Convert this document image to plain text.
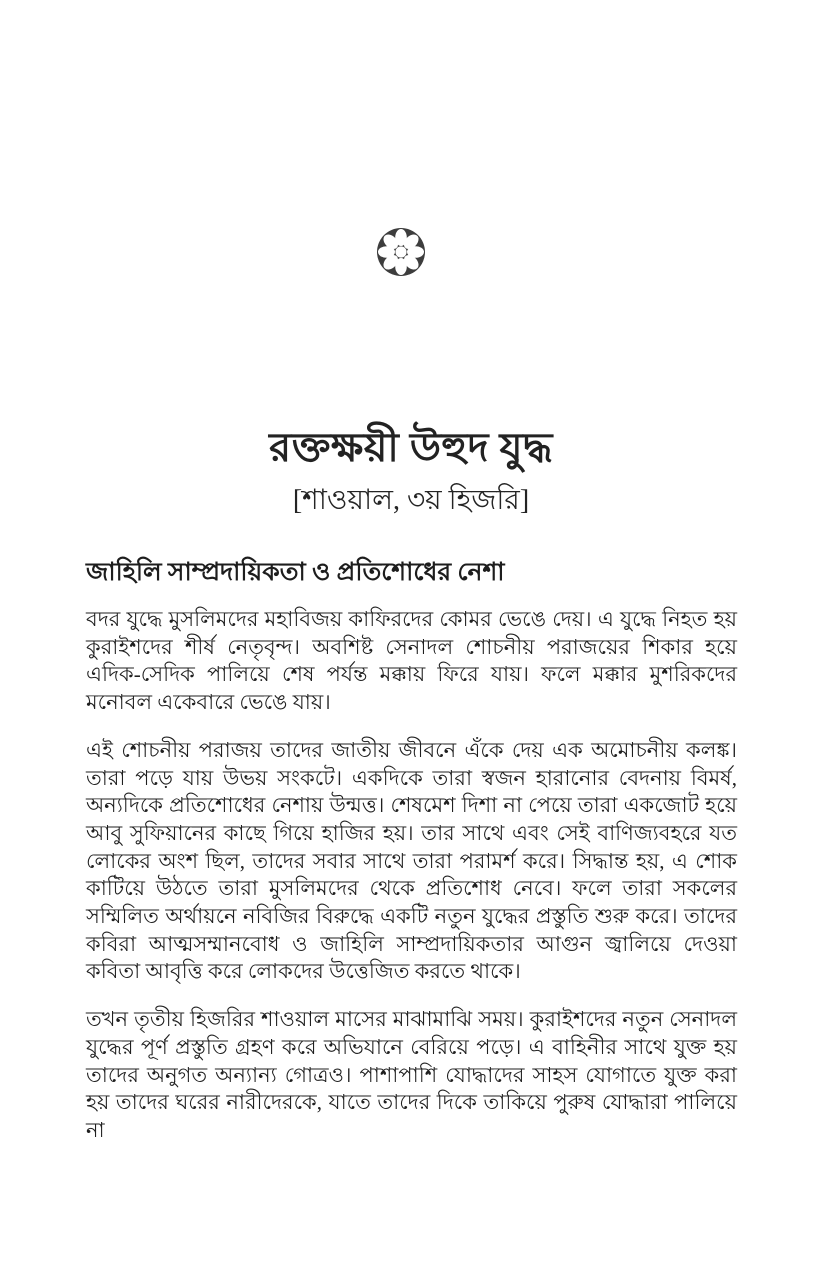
রক্তক্ষয়ী উহুদ যুদ্ধ
[শাওয়াল, ৩য় হিজরি]
জাহিলি সাম্প্রদায়িকতা ও প্রতিশোধের নেশা

বদর যুদ্ধে মুসলিমদের মহাবিজয় কাফিরদের কোমর ভেঙে দেয়। এ যুদ্ধে নিহত হয় কুরাইশদের শীর্ষ নেতৃবৃন্দ। অবশিষ্ট সেনাদল শোচনীয় পরাজয়ের শিকার হয়ে এদিক-সেদিক পালিয়ে শেষ পর্যন্ত মক্কায় ফিরে যায়। ফলে মক্কার মুশরিকদের মনোবল একেবারে ভেঙে যায়।

এই শোচনীয় পরাজয় তাদের জাতীয় জীবনে এঁকে দেয় এক অমোচনীয় কলঙ্ক। তারা পড়ে যায় উভয় সংকটে। একদিকে তারা স্বজন হারানোর বেদনায় বিমর্ষ, অন্যদিকে প্রতিশোধের নেশায় উন্মত্ত। শেষমেশ দিশা না পেয়ে তারা একজোট হয়ে আবু সুফিয়ানের কাছে গিয়ে হাজির হয়। তার সাথে এবং সেই বাণিজ্যবহরে যত লোকের অংশ ছিল, তাদের সবার সাথে তারা পরামর্শ করে। সিদ্ধান্ত হয়, এ শোক কাটিয়ে উঠতে তারা মুসলিমদের থেকে প্রতিশোধ নেবে। ফলে তারা সকলের সম্মিলিত অর্থায়নে নবিজির বিরুদ্ধে একটি নতুন যুদ্ধের প্রস্তুতি শুরু করে। তাদের কবিরা আত্মসম্মানবোধ ও জাহিলি সাম্প্রদায়িকতার আগুন জ্বালিয়ে দেওয়া কবিতা আবৃত্তি করে লোকদের উত্তেজিত করতে থাকে।

তখন তৃতীয় হিজরির শাওয়াল মাসের মাঝামাঝি সময়। কুরাইশদের নতুন সেনাদল যুদ্ধের পূর্ণ প্রস্তুতি গ্রহণ করে অভিযানে বেরিয়ে পড়ে। এ বাহিনীর সাথে যুক্ত হয় তাদের অনুগত অন্যান্য গোত্রও। পাশাপাশি যোদ্ধাদের সাহস যোগাতে যুক্ত করা হয় তাদের ঘরের নারীদেরকে, যাতে তাদের দিকে তাকিয়ে পুরুষ যোদ্ধারা পালিয়ে না
